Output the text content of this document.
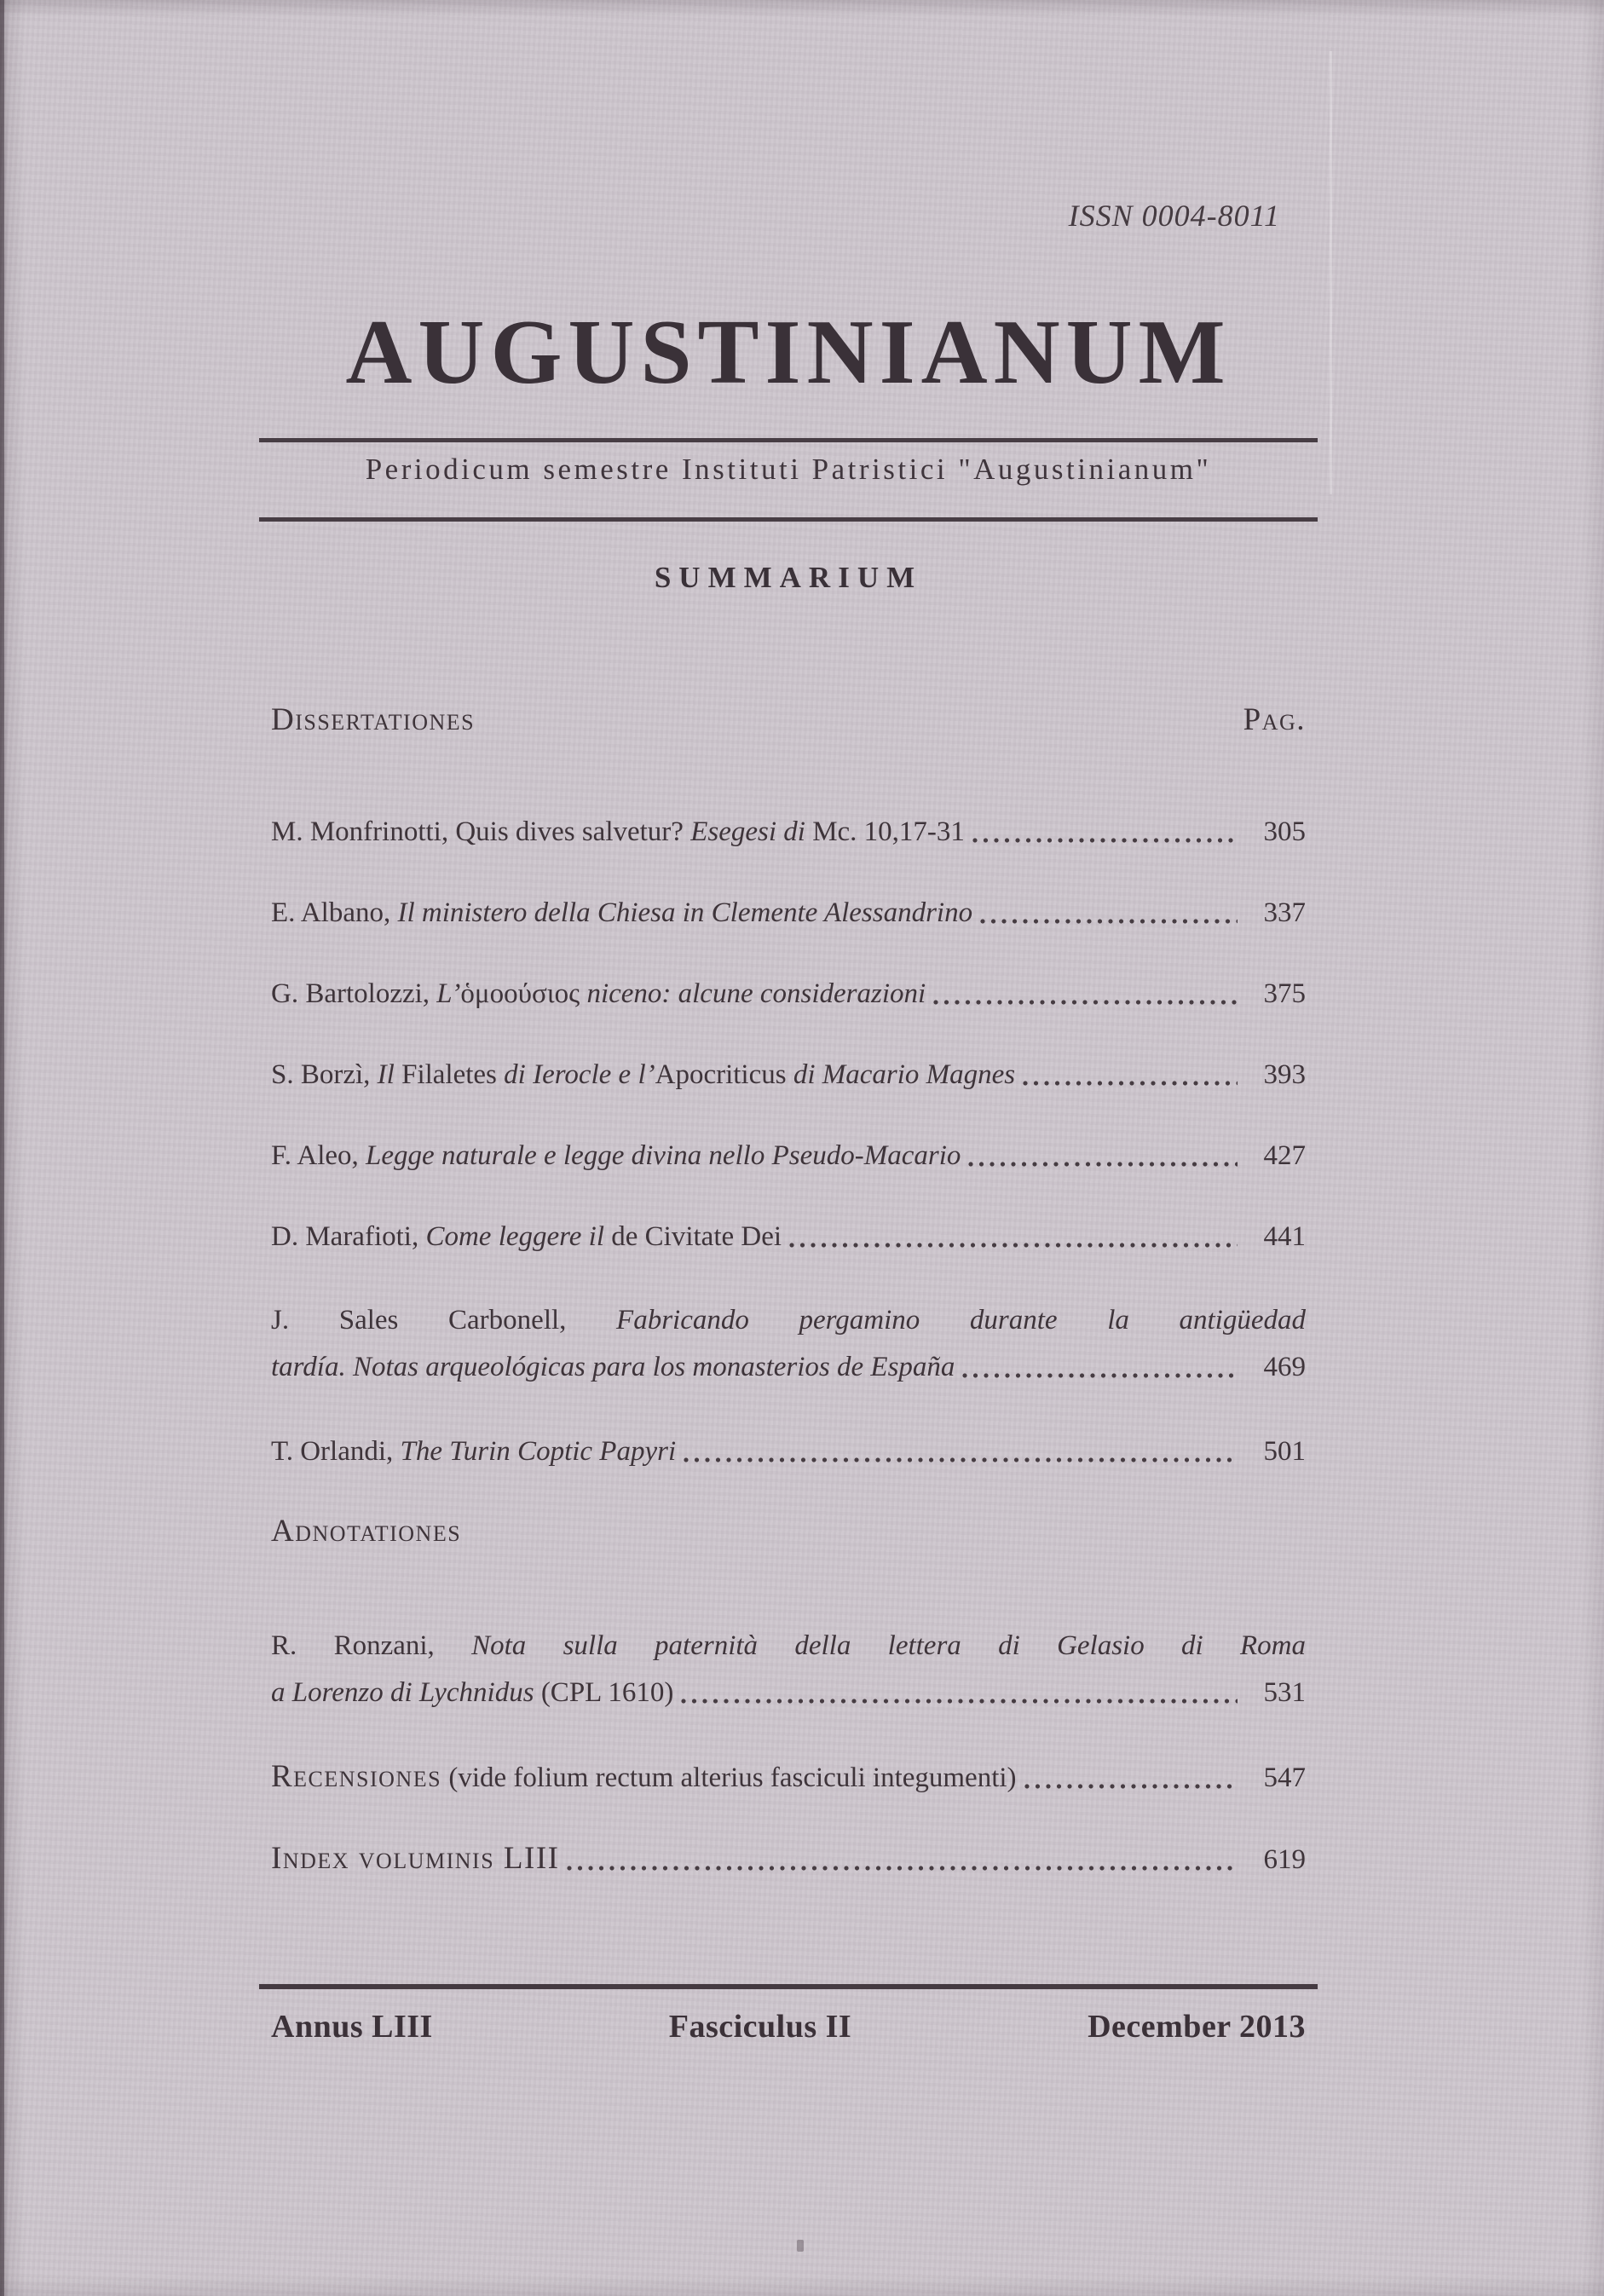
ISSN 0004-8011
AUGUSTINIANUM
Periodicum semestre Instituti Patristici "Augustinianum"
SUMMARIUM
Dissertationes	Pag.
M. Monfrinotti, Quis dives salvetur? Esegesi di Mc. 10,17-31	305
E. Albano, Il ministero della Chiesa in Clemente Alessandrino	337
G. Bartolozzi, L’ὁμοούσιος niceno: alcune considerazioni	375
S. Borzì, Il Filaletes di Ierocle e l’Apocriticus di Macario Magnes	393
F. Aleo, Legge naturale e legge divina nello Pseudo-Macario	427
D. Marafioti, Come leggere il de Civitate Dei	441
J. Sales Carbonell, Fabricando pergamino durante la antigüedad
tardía. Notas arqueológicas para los monasterios de España	469
T. Orlandi, The Turin Coptic Papyri	501
Adnotationes
R. Ronzani, Nota sulla paternità della lettera di Gelasio di Roma
a Lorenzo di Lychnidus (CPL 1610)	531
Recensiones (vide folium rectum alterius fasciculi integumenti)	547
Index voluminis LIII	619
Annus LIII	Fasciculus II	December 2013
